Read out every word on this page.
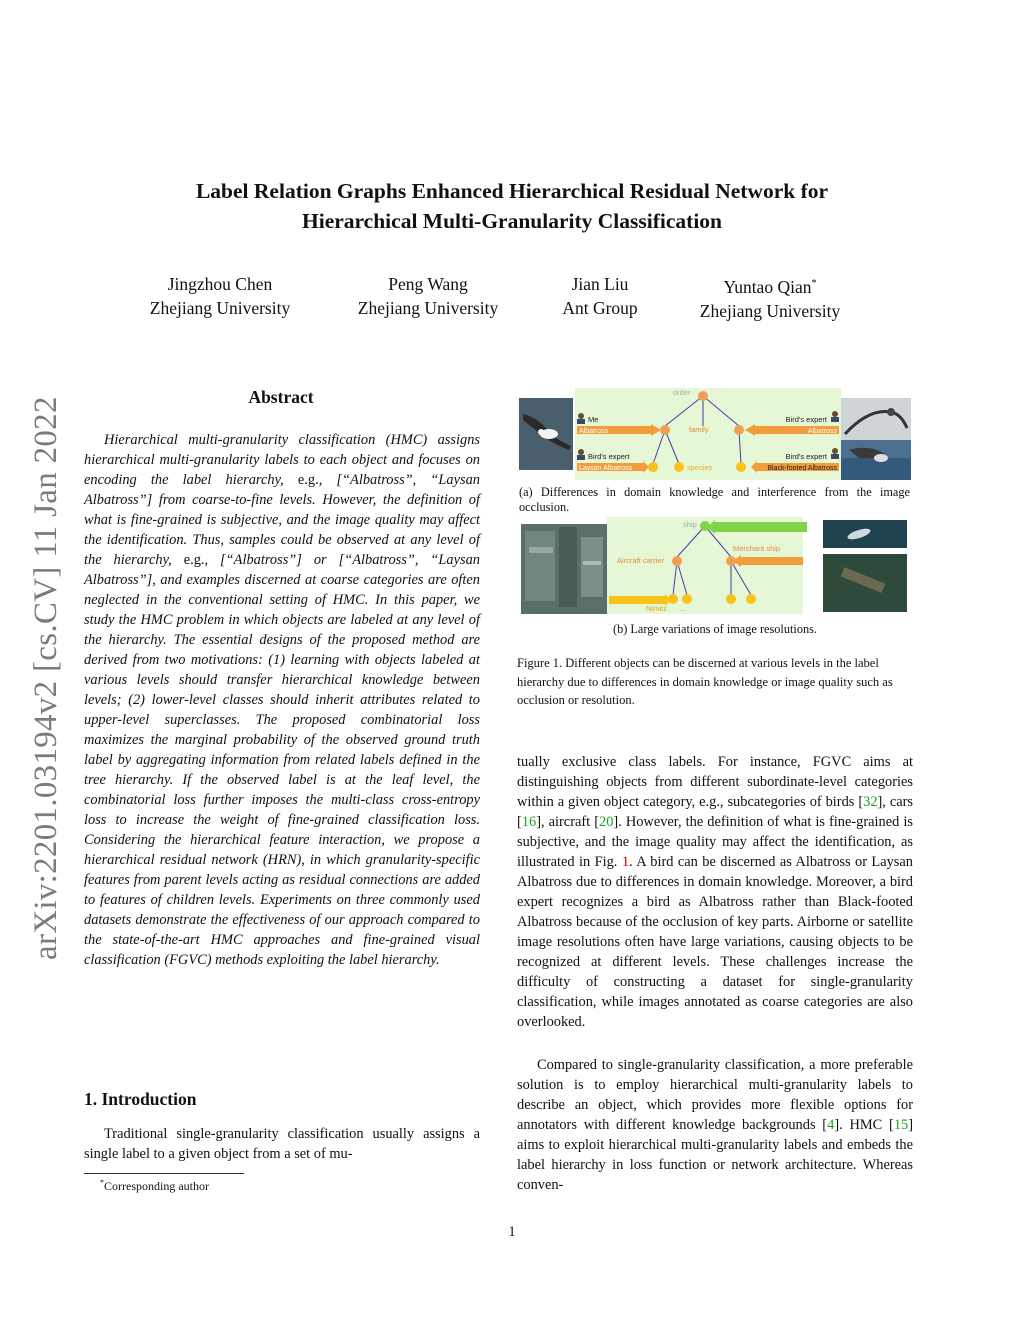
Label Relation Graphs Enhanced Hierarchical Residual Network for
Hierarchical Multi-Granularity Classification
Jingzhou Chen
Zhejiang University
Peng Wang
Zhejiang University
Jian Liu
Ant Group
Yuntao Qian*
Zhejiang University
arXiv:2201.03194v2 [cs.CV] 11 Jan 2022	Abstract
Hierarchical multi-granularity classification (HMC) assigns hierarchical multi-granularity labels to each object and focuses on encoding the label hierarchy, e.g., [“Albatross”, “Laysan Albatross”] from coarse-to-fine levels. However, the definition of what is fine-grained is subjective, and the image quality may affect the identification. Thus, samples could be observed at any level of the hierarchy, e.g., [“Albatross”] or [“Albatross”, “Laysan Albatross”], and examples discerned at coarse categories are often neglected in the conventional setting of HMC. In this paper, we study the HMC problem in which objects are labeled at any level of the hierarchy. The essential designs of the proposed method are derived from two motivations: (1) learning with objects labeled at various levels should transfer hierarchical knowledge between levels; (2) lower-level classes should inherit attributes related to upper-level superclasses. The proposed combinatorial loss maximizes the marginal probability of the observed ground truth label by aggregating information from related labels defined in the tree hierarchy. If the observed label is at the leaf level, the combinatorial loss further imposes the multi-class cross-entropy loss to increase the weight of fine-grained classification loss. Considering the hierarchical feature interaction, we propose a hierarchical residual network (HRN), in which granularity-specific features from parent levels acting as residual connections are added to features of children levels. Experiments on three commonly used datasets demonstrate the effectiveness of our approach compared to the state-of-the-art HMC approaches and fine-grained visual classification (FGVC) methods exploiting the label hierarchy.
1. Introduction
Traditional single-granularity classification usually assigns a single label to a given object from a set of mu-
*Corresponding author
order
family
species
Me
Albatross
Bird's expert
Laysan Albatross
Bird's expert
Albatross
Bird's expert
Black-footed Albatross
(a) Differences in domain knowledge and interference from the image occlusion.
ship
Aircraft carrier
Merchant ship
Nimitz ...
(b) Large variations of image resolutions.
Figure 1. Different objects can be discerned at various levels in the label hierarchy due to differences in domain knowledge or image quality such as occlusion or resolution.
tually exclusive class labels. For instance, FGVC aims at distinguishing objects from different subordinate-level categories within a given object category, e.g., subcategories of birds [32], cars [16], aircraft [20]. However, the definition of what is fine-grained is subjective, and the image quality may affect the identification, as illustrated in Fig. 1. A bird can be discerned as Albatross or Laysan Albatross due to differences in domain knowledge. Moreover, a bird expert recognizes a bird as Albatross rather than Black-footed Albatross because of the occlusion of key parts. Airborne or satellite image resolutions often have large variations, causing objects to be recognized at different levels. These challenges increase the difficulty of constructing a dataset for single-granularity classification, while images annotated as coarse categories are also overlooked.
Compared to single-granularity classification, a more preferable solution is to employ hierarchical multi-granularity labels to describe an object, which provides more flexible options for annotators with different knowledge backgrounds [4]. HMC [15] aims to exploit hierarchical multi-granularity labels and embeds the label hierarchy in loss function or network architecture. Whereas conven-
1
